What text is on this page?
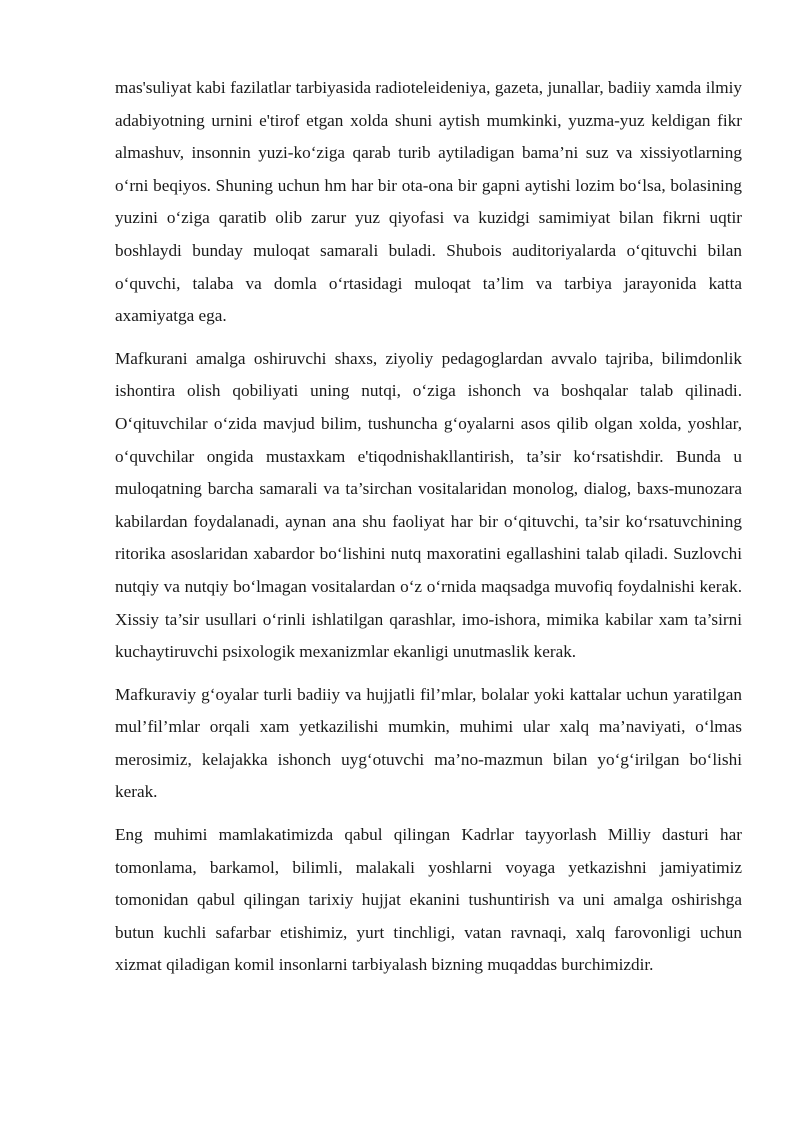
mas'suliyat kabi fazilatlar tarbiyasida radioteleideniya, gazeta, junallar, badiiy xamda ilmiy adabiyotning urnini e'tirof etgan xolda shuni aytish mumkinki, yuzma-yuz keldigan fikr almashuv, insonnin yuzi-ko‘ziga qarab turib aytiladigan bama’ni suz va xissiyotlarning o‘rni beqiyos. Shuning uchun hm har bir ota-ona bir gapni aytishi lozim bo‘lsa, bolasining yuzini o‘ziga qaratib olib zarur yuz qiyofasi va kuzidgi samimiyat bilan fikrni uqtir boshlaydi bunday muloqat samarali buladi. Shubois auditoriyalarda o‘qituvchi bilan o‘quvchi, talaba va domla o‘rtasidagi muloqat ta’lim va tarbiya jarayonida katta axamiyatga ega.

Mafkurani amalga oshiruvchi shaxs, ziyoliy pedagoglardan avvalo tajriba, bilimdonlik ishontira olish qobiliyati uning nutqi, o‘ziga ishonch va boshqalar talab qilinadi. O‘qituvchilar o‘zida mavjud bilim, tushuncha g‘oyalarni asos qilib olgan xolda, yoshlar, o‘quvchilar ongida mustaxkam e'tiqodnishakllantirish, ta’sir ko‘rsatishdir. Bunda u muloqatning barcha samarali va ta’sirchan vositalaridan monolog, dialog, baxs-munozara kabilardan foydalanadi, aynan ana shu faoliyat har bir o‘qituvchi, ta’sir ko‘rsatuvchining ritorika asoslaridan xabardor bo‘lishini nutq maxoratini egallashini talab qiladi. Suzlovchi nutqiy va nutqiy bo‘lmagan vositalardan o‘z o‘rnida maqsadga muvofiq foydalnishi kerak. Xissiy ta’sir usullari o‘rinli ishlatilgan qarashlar, imo-ishora, mimika kabilar xam ta’sirni kuchaytiruvchi psixologik mexanizmlar ekanligi unutmaslik kerak.

Mafkuraviy g‘oyalar turli badiiy va hujjatli fil’mlar, bolalar yoki kattalar uchun yaratilgan mul’fil’mlar orqali xam yetkazilishi mumkin, muhimi ular xalq ma’naviyati, o‘lmas merosimiz, kelajakka ishonch uyg‘otuvchi ma’no-mazmun bilan yo‘g‘irilgan bo‘lishi kerak.

Eng muhimi mamlakatimizda qabul qilingan Kadrlar tayyorlash Milliy dasturi har tomonlama, barkamol, bilimli, malakali yoshlarni voyaga yetkazishni jamiyatimiz tomonidan qabul qilingan tarixiy hujjat ekanini tushuntirish va uni amalga oshirishga butun kuchli safarbar etishimiz, yurt tinchligi, vatan ravnaqi, xalq farovonligi uchun xizmat qiladigan komil insonlarni tarbiyalash bizning muqaddas burchimizdir.
